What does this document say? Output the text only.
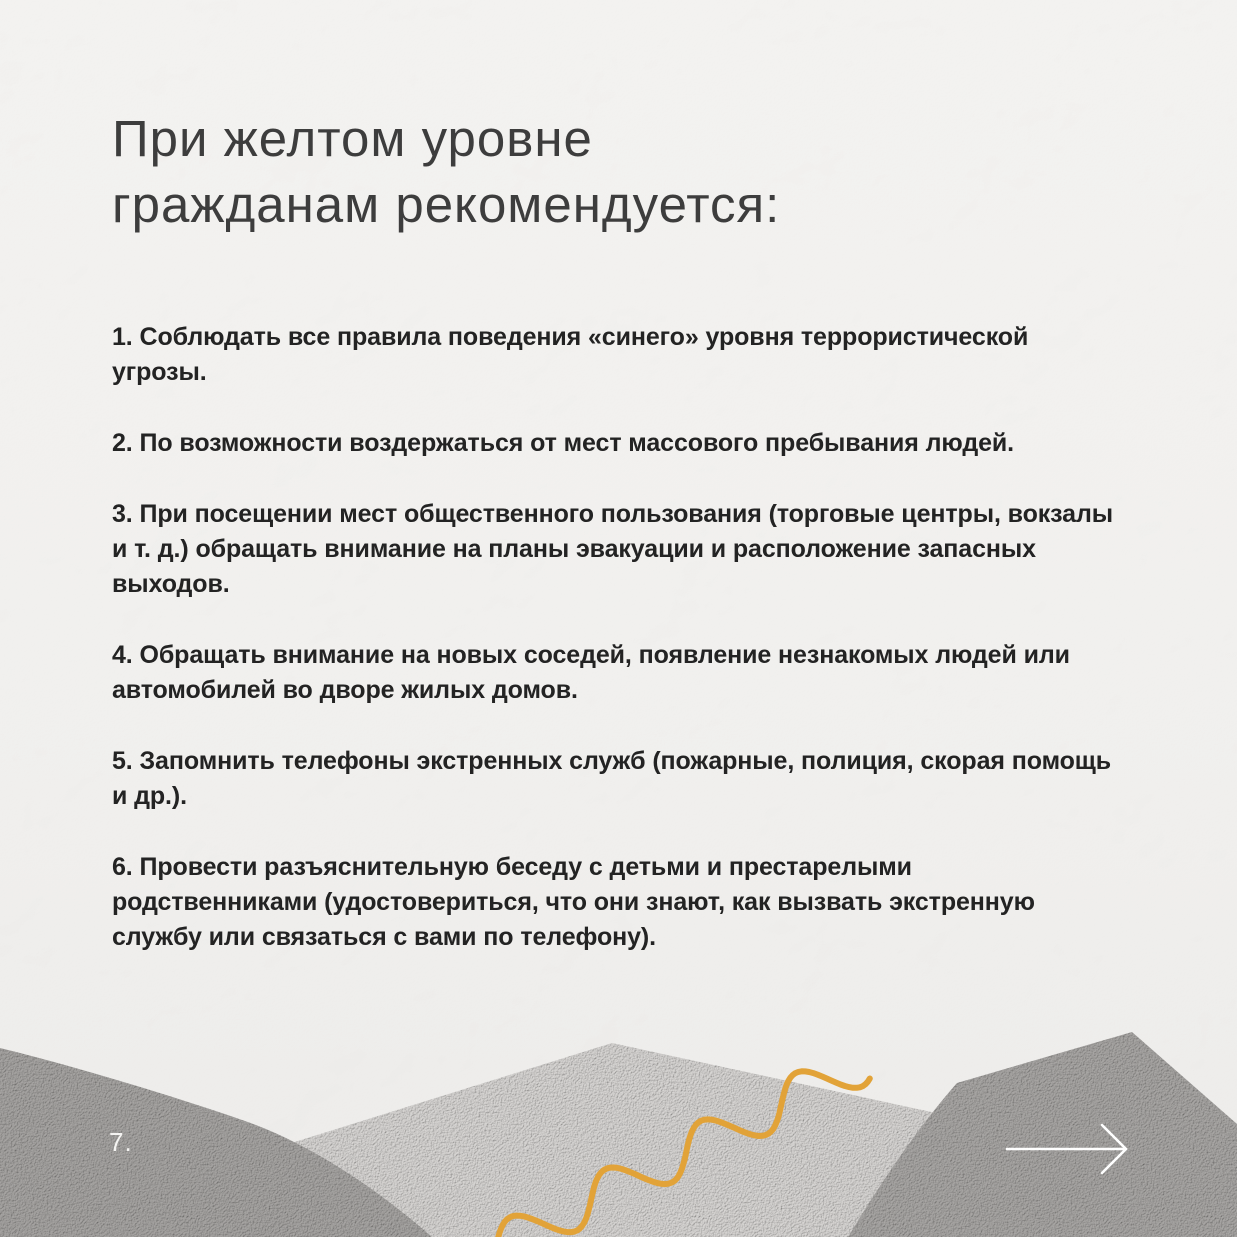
При желтом уровне
гражданам рекомендуется:

1. Соблюдать все правила поведения «синего» уровня террористической угрозы.

2. По возможности воздержаться от мест массового пребывания людей.

3. При посещении мест общественного пользования (торговые центры, вокзалы и т. д.) обращать внимание на планы эвакуации и расположение запасных выходов.

4. Обращать внимание на новых соседей, появление незнакомых людей или автомобилей во дворе жилых домов.

5. Запомнить телефоны экстренных служб (пожарные, полиция, скорая помощь и др.).

6. Провести разъяснительную беседу с детьми и престарелыми родственниками (удостовериться, что они знают, как вызвать экстренную службу или связаться с вами по телефону).

7.
